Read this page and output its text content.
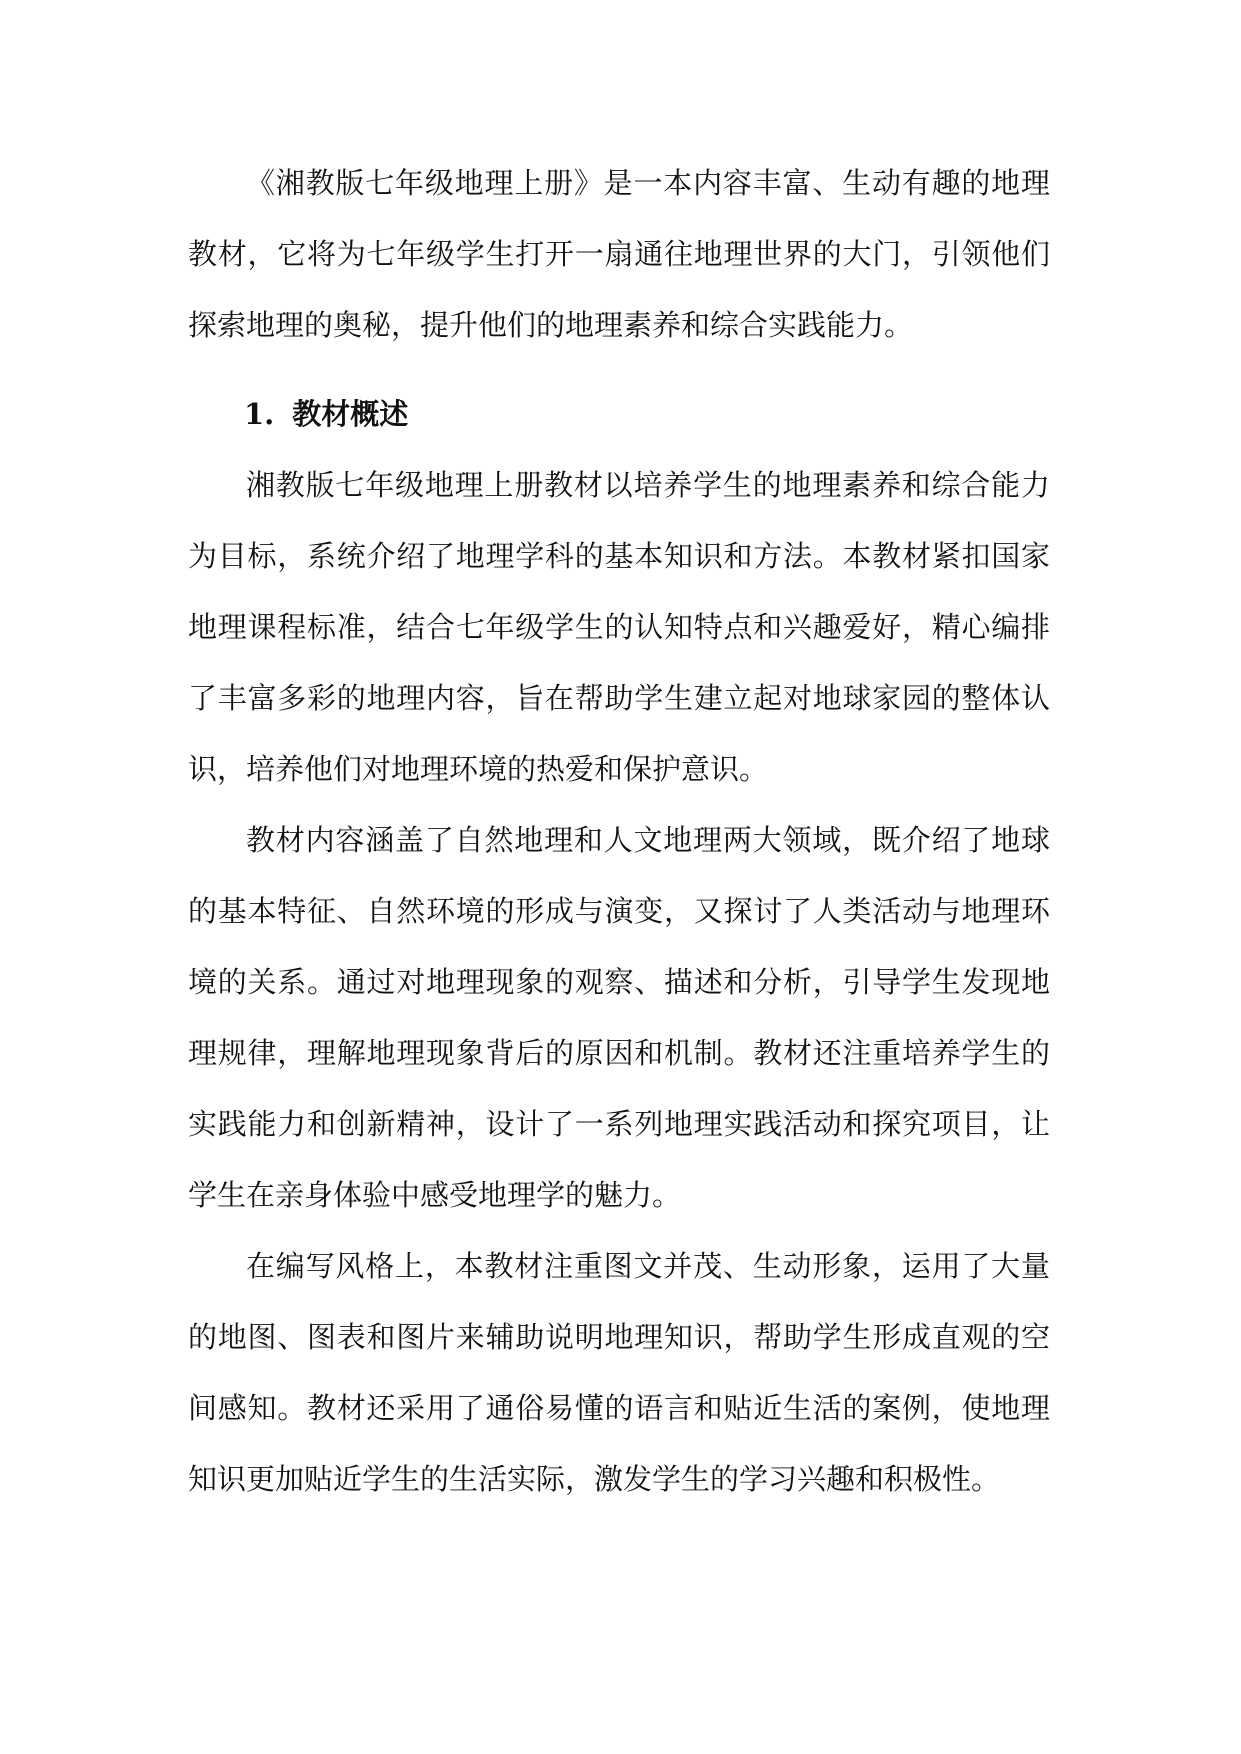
《湘教版七年级地理上册》是一本内容丰富、生动有趣的地理教材，它将为七年级学生打开一扇通往地理世界的大门，引领他们探索地理的奥秘，提升他们的地理素养和综合实践能力。

1. 教材概述

湘教版七年级地理上册教材以培养学生的地理素养和综合能力为目标，系统介绍了地理学科的基本知识和方法。本教材紧扣国家地理课程标准，结合七年级学生的认知特点和兴趣爱好，精心编排了丰富多彩的地理内容，旨在帮助学生建立起对地球家园的整体认识，培养他们对地理环境的热爱和保护意识。

教材内容涵盖了自然地理和人文地理两大领域，既介绍了地球的基本特征、自然环境的形成与演变，又探讨了人类活动与地理环境的关系。通过对地理现象的观察、描述和分析，引导学生发现地理规律，理解地理现象背后的原因和机制。教材还注重培养学生的实践能力和创新精神，设计了一系列地理实践活动和探究项目，让学生在亲身体验中感受地理学的魅力。

在编写风格上，本教材注重图文并茂、生动形象，运用了大量的地图、图表和图片来辅助说明地理知识，帮助学生形成直观的空间感知。教材还采用了通俗易懂的语言和贴近生活的案例，使地理知识更加贴近学生的生活实际，激发学生的学习兴趣和积极性。
